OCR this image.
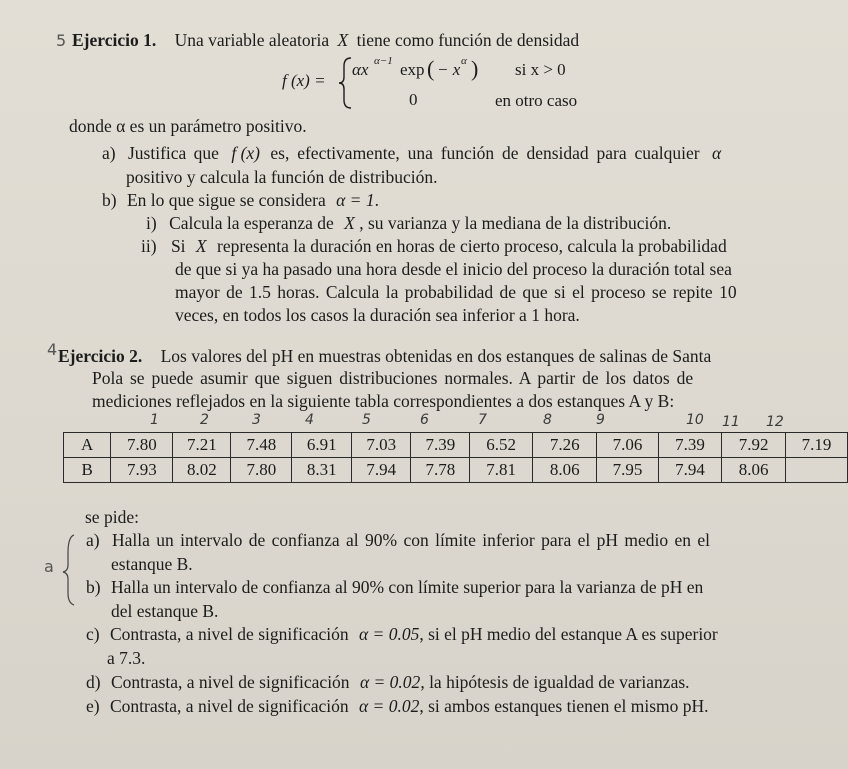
5
4
a
Ejercicio 1. Una variable aleatoria X tiene como función de densidad
f (x) =
αx α−1 exp ( − x α ) si x > 0
0	en otro caso
donde α es un parámetro positivo.
a) Justifica que f (x) es, efectivamente, una función de densidad para cualquier α
positivo y calcula la función de distribución.
b) En lo que sigue se considera α = 1.
i) Calcula la esperanza de X , su varianza y la mediana de la distribución.
ii) Si X representa la duración en horas de cierto proceso, calcula la probabilidad
de que si ya ha pasado una hora desde el inicio del proceso la duración total sea
mayor de 1.5 horas. Calcula la probabilidad de que si el proceso se repite 10
veces, en todos los casos la duración sea inferior a 1 hora.
Ejercicio 2. Los valores del pH en muestras obtenidas en dos estanques de salinas de Santa
Pola se puede asumir que siguen distribuciones normales. A partir de los datos de
mediciones reflejados en la siguiente tabla correspondientes a dos estanques A y B:
1	2	3	4	5	6	7	8	9	10 11 12
A	7.80	7.21	7.48	6.91	7.03	7.39	6.52	7.26	7.06	7.39	7.92	7.19
B	7.93	8.02	7.80	8.31	7.94	7.78	7.81	8.06	7.95	7.94	8.06	
se pide:
a) Halla un intervalo de confianza al 90% con límite inferior para el pH medio en el
estanque B.
b) Halla un intervalo de confianza al 90% con límite superior para la varianza de pH en
del estanque B.
c) Contrasta, a nivel de significación α = 0.05, si el pH medio del estanque A es superior
a 7.3.
d) Contrasta, a nivel de significación α = 0.02, la hipótesis de igualdad de varianzas.
e) Contrasta, a nivel de significación α = 0.02, si ambos estanques tienen el mismo pH.
